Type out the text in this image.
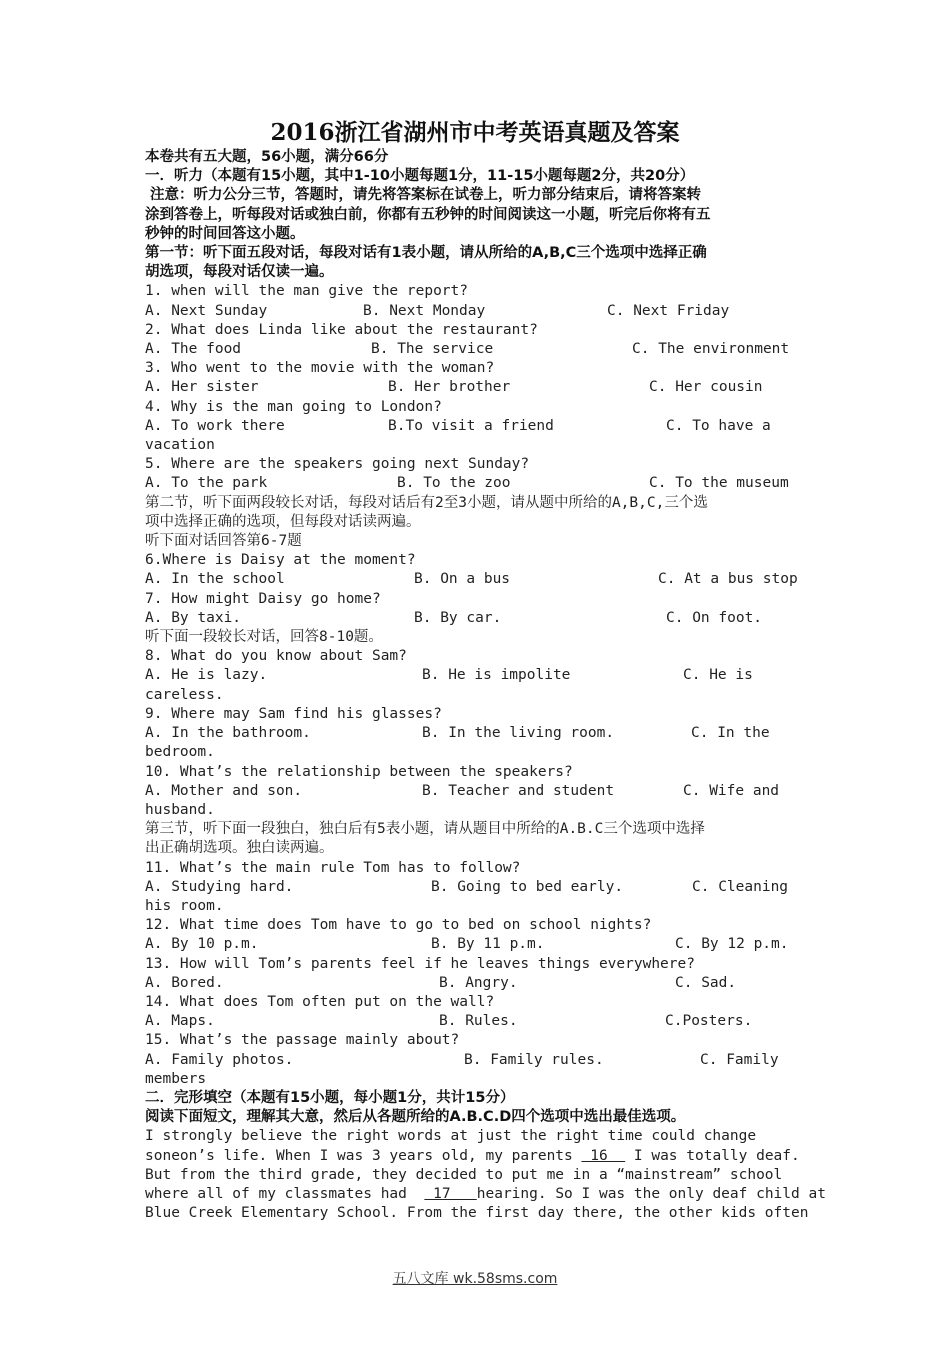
2016浙江省湖州市中考英语真题及答案
本卷共有五大题，56小题，满分66分
一．听力（本题有15小题，其中1-10小题每题1分，11-15小题每题2分，共20分）
注意：听力公分三节，答题时，请先将答案标在试卷上，听力部分结束后，请将答案转
涂到答卷上，听每段对话或独白前，你都有五秒钟的时间阅读这一小题，听完后你将有五
秒钟的时间回答这小题。
第一节：听下面五段对话，每段对话有1表小题，请从所给的A,B,C三个选项中选择正确
胡选项，每段对话仅读一遍。
1. when will the man give the report?
A. Next Sunday	B. Next Monday	C. Next Friday
2. What does Linda like about the restaurant?
A. The food	B. The service	C. The environment
3. Who went to the movie with the woman?
A. Her sister	B. Her brother	C. Her cousin
4. Why is the man going to London?
A. To work there	B.To visit a friend	C. To have a
vacation
5. Where are the speakers going next Sunday?
A. To the park	B. To the zoo	C. To the museum
第二节，听下面两段较长对话，每段对话后有2至3小题，请从题中所给的A,B,C,三个选
项中选择正确的选项，但每段对话读两遍。
听下面对话回答第6-7题
6.Where is Daisy at the moment?
A. In the school	B. On a bus	C. At a bus stop
7. How might Daisy go home?
A. By taxi.	B. By car.	C. On foot.
听下面一段较长对话，回答8-10题。
8. What do you know about Sam?
A. He is lazy.	B. He is impolite	C. He is
careless.
9. Where may Sam find his glasses?
A. In the bathroom.	B. In the living room.	C. In the
bedroom.
10. What’s the relationship between the speakers?
A. Mother and son.	B. Teacher and student	C. Wife and
husband.
第三节，听下面一段独白，独白后有5表小题，请从题目中所给的A.B.C三个选项中选择
出正确胡选项。独白读两遍。
11. What’s the main rule Tom has to follow?
A. Studying hard.	B. Going to bed early.	C. Cleaning
his room.
12. What time does Tom have to go to bed on school nights?
A. By 10 p.m.	B. By 11 p.m.	C. By 12 p.m.
13. How will Tom’s parents feel if he leaves things everywhere?
A. Bored.	B. Angry.	C. Sad.
14. What does Tom often put on the wall?
A. Maps.	B. Rules.	C.Posters.
15. What’s the passage mainly about?
A. Family photos.	B. Family rules.	C. Family
members
二．完形填空（本题有15小题，每小题1分，共计15分）
阅读下面短文，理解其大意，然后从各题所给的A.B.C.D四个选项中选出最佳选项。
I strongly believe the right words at just the right time could change
soneon’s life. When I was 3 years old, my parents  16   I was totally deaf.
But from the third grade, they decided to put me in a “mainstream” school
where all of my classmates had   17   hearing. So I was the only deaf child at
Blue Creek Elementary School. From the first day there, the other kids often
五八文库 wk.58sms.com
